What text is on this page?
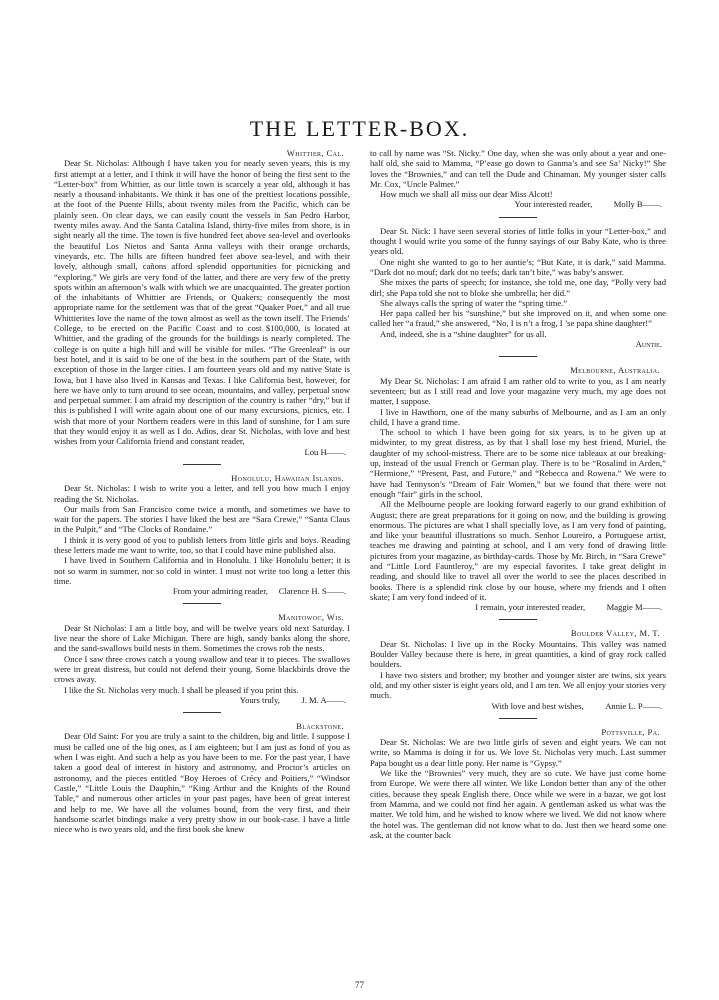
THE LETTER-BOX.
Whittier, Cal.

Dear St. Nicholas: Although I have taken you for nearly seven years, this is my first attempt at a letter, and I think it will have the honor of being the first sent to the “Letter-box” from Whittier, as our little town is scarcely a year old, although it has nearly a thousand inhabitants. We think it has one of the prettiest locations possible, at the foot of the Puente Hills, about twenty miles from the Pacific, which can be plainly seen. On clear days, we can easily count the vessels in San Pedro Harbor, twenty miles away. And the Santa Catalina Island, thirty-five miles from shore, is in sight nearly all the time. The town is five hundred feet above sea-level and overlooks the beautiful Los Nietos and Santa Anna valleys with their orange orchards, vineyards, etc. The hills are fifteen hundred feet above sea-level, and with their lovely, although small, cañons afford splendid opportunities for picnicking and “exploring.” We girls are very fond of the latter, and there are very few of the pretty spots within an afternoon’s walk with which we are unacquainted. The greater portion of the inhabitants of Whittier are Friends, or Quakers; consequently the most appropriate name for the settlement was that of the great “Quaker Poet,” and all true Whittierites love the name of the town almost as well as the town itself. The Friends’ College, to be erected on the Pacific Coast and to cost $100,000, is located at Whittier, and the grading of the grounds for the buildings is nearly completed. The college is on quite a high hill and will be visible for miles. “The Greenleaf” is our best hotel, and it is said to be one of the best in the southern part of the State, with exception of those in the larger cities. I am fourteen years old and my native State is Iowa, but I have also lived in Kansas and Texas. I like California best, however, for here we have only to turn around to see ocean, mountains, and valley, perpetual snow and perpetual summer. I am afraid my description of the country is rather “dry,” but if this is published I will write again about one of our many excursions, picnics, etc. I wish that more of your Northern readers were in this land of sunshine, for I am sure that they would enjoy it as well as I do. Adios, dear St. Nicholas, with love and best wishes from your California friend and constant reader,

Lou H——.
Honolulu, Hawaiian Islands.

Dear St. Nicholas: I wish to write you a letter, and tell you how much I enjoy reading the St. Nicholas.

Our mails from San Francisco come twice a month, and sometimes we have to wait for the papers. The stories I have liked the best are “Sara Crewe,” “Santa Claus in the Pulpit,” and “The Clocks of Rondaine.”

I think it is very good of you to publish letters from little girls and boys. Reading these letters made me want to write, too, so that I could have mine published also.

I have lived in Southern California and in Honolulu. I like Honolulu better; it is not so warm in summer, nor so cold in winter. I must not write too long a letter this time.

From your admiring reader, Clarence H. S——.
Manitowoc, Wis.

Dear St Nicholas: I am a little boy, and will be twelve years old next Saturday. I live near the shore of Lake Michigan. There are high, sandy banks along the shore, and the sand-swallows build nests in them. Sometimes the crows rob the nests.

Once I saw three crows catch a young swallow and tear it to pieces. The swallows were in great distress, but could not defend their young. Some blackbirds drove the crows away.

I like the St. Nicholas very much. I shall be pleased if you print this.

Yours truly, J. M. A——.
Blackstone.

Dear Old Saint: For you are truly a saint to the children, big and little. I suppose I must be called one of the big ones, as I am eighteen; but I am just as fond of you as when I was eight. And such a help as you have been to me. For the past year, I have taken a good deal of interest in history and astronomy, and Proctor’s articles on astronomy, and the pieces entitled “Boy Heroes of Crécy and Poitiers,” “Windsor Castle,” “Little Louis the Dauphin,” “King Arthur and the Knights of the Round Table,” and numerous other articles in your past pages, have been of great interest and help to me. We have all the volumes bound, from the very first, and their handsome scarlet bindings make a very pretty show in our book-case. I have a little niece who is two years old, and the first book she knew

to call by name was “St. Nicky.” One day, when she was only about a year and one-half old, she said to Mamma, “P’ease go down to Ganma’s and see Sa’ Nicky!” She loves the “Brownies,” and can tell the Dude and Chinaman. My younger sister calls Mr. Cox, “Uncle Palmer.”

How much we shall all miss our dear Miss Alcott!

Your interested reader, Molly B——.

Dear St. Nick: I have seen several stories of little folks in your “Letter-box,” and thought I would write you some of the funny sayings of our Baby Kate, who is three years old.

One night she wanted to go to her auntie’s; “But Kate, it is dark,” said Mamma. “Dark dot no mouf; dark dot no teefs; dark tan’t bite,” was baby’s answer.

She mixes the parts of speech; for instance, she told me, one day, “Polly very bad dirl; she Papa told she not to bloke she umbrella; her did.”

She always calls the spring of water the “spring time.”

Her papa called her his “sunshine,” but she improved on it, and when some one called her “a fraud,” she answered, “No, I is n’t a frog, I ’se papa shine daughter!”

And, indeed, she is a “shine daughter” for us all.

Auntie.
Melbourne, Australia.

My Dear St. Nicholas: I am afraid I am rather old to write to you, as I am nearly seventeen; but as I still read and love your magazine very much, my age does not matter, I suppose.

I live in Hawthorn, one of the many suburbs of Melbourne, and as I am an only child, I have a grand time.

The school to which I have been going for six years, is to be given up at midwinter, to my great distress, as by that I shall lose my best friend, Muriel, the daughter of my school-mistress. There are to be some nice tableaux at our breaking-up, instead of the usual French or German play. There is to be “Rosalind in Arden,” “Hermione,” “Present, Past, and Future,” and “Rebecca and Rowena.” We were to have had Tennyson’s “Dream of Fair Women,” but we found that there were not enough “fair” girls in the school.

All the Melbourne people are looking forward eagerly to our grand exhibition of August; there are great preparations for it going on now, and the building is growing enormous. The pictures are what I shall specially love, as I am very fond of painting, and like your beautiful illustrations so much. Senhor Loureiro, a Portuguese artist, teaches me drawing and painting at school, and I am very fond of drawing little pictures from your magazine, as birthday-cards. Those by Mr. Birch, in “Sara Crewe” and “Little Lord Fauntleroy,” are my especial favorites. I take great delight in reading, and should like to travel all over the world to see the places described in books. There is a splendid rink close by our house, where my friends and I often skate; I am very fond indeed of it.

I remain, your interested reader, Maggie M——.
Boulder Valley, M. T.

Dear St. Nicholas: I live up in the Rocky Mountains. This valley was named Boulder Valley because there is here, in great quantities, a kind of gray rock called boulders.

I have two sisters and brother; my brother and younger sister are twins, six years old, and my other sister is eight years old, and I am ten. We all enjoy your stories very much.

With love and best wishes, Annie L. P——.
Pottsville, Pa.

Dear St. Nicholas: We are two little girls of seven and eight years. We can not write, so Mamma is doing it for us. We love St. Nicholas very much. Last summer Papa bought us a dear little pony. Her name is “Gypsy.”

We like the “Brownies” very much, they are so cute. We have just come home from Europe. We were there all winter. We like London better than any of the other cities, because they speak English there. Once while we were in a bazar, we got lost from Mamma, and we could not find her again. A gentleman asked us what was the matter. We told him, and he wished to know where we lived. We did not know where the hotel was. The gentleman did not know what to do. Just then we heard some one ask, at the counter back

77
